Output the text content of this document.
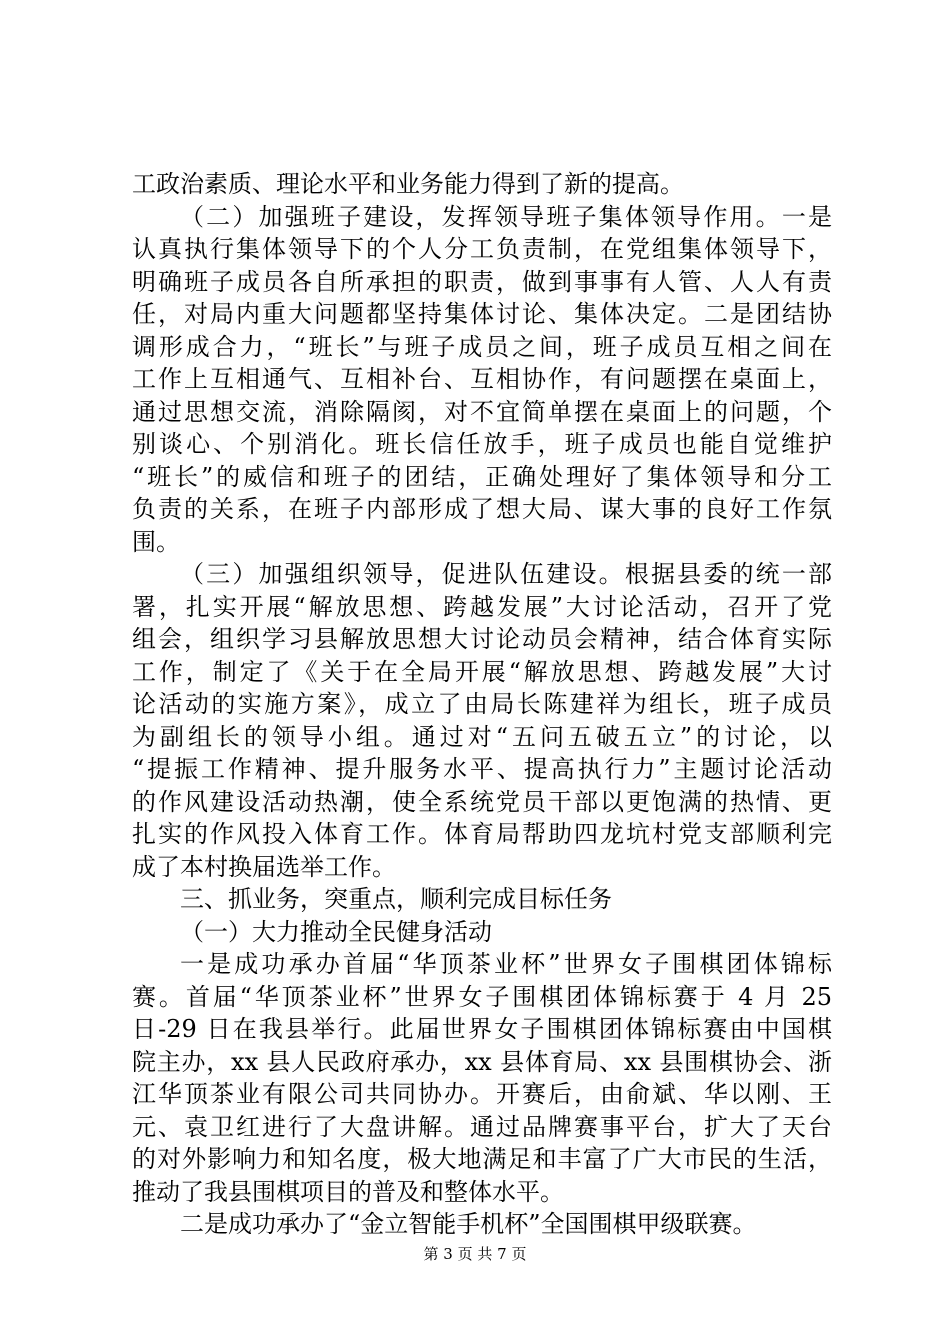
工政治素质、理论水平和业务能力得到了新的提高。
（二）加强班子建设，发挥领导班子集体领导作用。一是
认真执行集体领导下的个人分工负责制，在党组集体领导下，
明确班子成员各自所承担的职责，做到事事有人管、人人有责
任，对局内重大问题都坚持集体讨论、集体决定。二是团结协
调形成合力，“班长”与班子成员之间，班子成员互相之间在
工作上互相通气、互相补台、互相协作，有问题摆在桌面上，
通过思想交流，消除隔阂，对不宜简单摆在桌面上的问题，个
别谈心、个别消化。班长信任放手，班子成员也能自觉维护
“班长”的威信和班子的团结，正确处理好了集体领导和分工
负责的关系，在班子内部形成了想大局、谋大事的良好工作氛
围。
（三）加强组织领导，促进队伍建设。根据县委的统一部
署，扎实开展“解放思想、跨越发展”大讨论活动，召开了党
组会，组织学习县解放思想大讨论动员会精神，结合体育实际
工作，制定了《关于在全局开展“解放思想、跨越发展”大讨
论活动的实施方案》，成立了由局长陈建祥为组长，班子成员
为副组长的领导小组。通过对“五问五破五立”的讨论，以
“提振工作精神、提升服务水平、提高执行力”主题讨论活动
的作风建设活动热潮，使全系统党员干部以更饱满的热情、更
扎实的作风投入体育工作。体育局帮助四龙坑村党支部顺利完
成了本村换届选举工作。
三、抓业务，突重点，顺利完成目标任务
（一）大力推动全民健身活动
一是成功承办首届“华顶茶业杯”世界女子围棋团体锦标
赛。首届“华顶茶业杯”世界女子围棋团体锦标赛于 4 月 25
日-29 日在我县举行。此届世界女子围棋团体锦标赛由中国棋
院主办，xx 县人民政府承办，xx 县体育局、xx 县围棋协会、浙
江华顶茶业有限公司共同协办。开赛后，由俞斌、华以刚、王
元、袁卫红进行了大盘讲解。通过品牌赛事平台，扩大了天台
的对外影响力和知名度，极大地满足和丰富了广大市民的生活，
推动了我县围棋项目的普及和整体水平。
二是成功承办了“金立智能手机杯”全国围棋甲级联赛。
第 3 页 共 7 页
